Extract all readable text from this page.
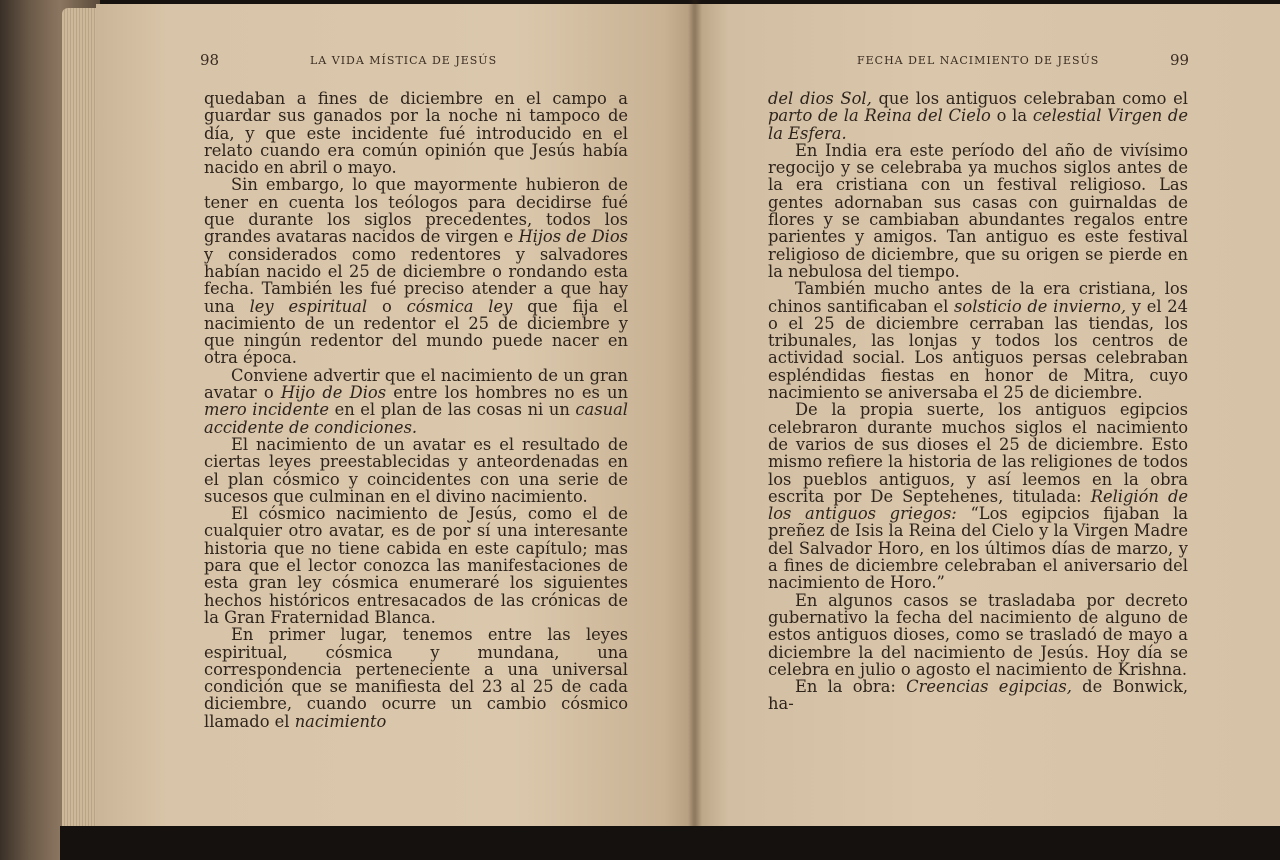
98	LA VIDA MÍSTICA DE JESÚS

quedaban a fines de diciembre en el campo a guardar sus ganados por la noche ni tampoco de día, y que este incidente fué introducido en el relato cuando era común opinión que Jesús había nacido en abril o mayo.

Sin embargo, lo que mayormente hubieron de tener en cuenta los teólogos para decidirse fué que durante los siglos precedentes, todos los grandes avataras nacidos de virgen e Hijos de Dios y considerados como redentores y salvadores habían nacido el 25 de diciembre o rondando esta fecha. También les fué preciso atender a que hay una ley espiritual o cósmica ley que fija el nacimiento de un redentor el 25 de diciembre y que ningún redentor del mundo puede nacer en otra época.

Conviene advertir que el nacimiento de un gran avatar o Hijo de Dios entre los hombres no es un mero incidente en el plan de las cosas ni un casual accidente de condiciones.

El nacimiento de un avatar es el resultado de ciertas leyes preestablecidas y anteordenadas en el plan cósmico y coincidentes con una serie de sucesos que culminan en el divino nacimiento.

El cósmico nacimiento de Jesús, como el de cualquier otro avatar, es de por sí una interesante historia que no tiene cabida en este capítulo; mas para que el lector conozca las manifestaciones de esta gran ley cósmica enumeraré los siguientes hechos históricos entresacados de las crónicas de la Gran Fraternidad Blanca.

En primer lugar, tenemos entre las leyes espiritual, cósmica y mundana, una correspondencia perteneciente a una universal condición que se manifiesta del 23 al 25 de cada diciembre, cuando ocurre un cambio cósmico llamado el nacimiento

FECHA DEL NACIMIENTO DE JESÚS	99

del dios Sol, que los antiguos celebraban como el parto de la Reina del Cielo o la celestial Virgen de la Esfera.

En India era este período del año de vivísimo regocijo y se celebraba ya muchos siglos antes de la era cristiana con un festival religioso. Las gentes adornaban sus casas con guirnaldas de flores y se cambiaban abundantes regalos entre parientes y amigos. Tan antiguo es este festival religioso de diciembre, que su origen se pierde en la nebulosa del tiempo.

También mucho antes de la era cristiana, los chinos santificaban el solsticio de invierno, y el 24 o el 25 de diciembre cerraban las tiendas, los tribunales, las lonjas y todos los centros de actividad social. Los antiguos persas celebraban espléndidas fiestas en honor de Mitra, cuyo nacimiento se aniversaba el 25 de diciembre.

De la propia suerte, los antiguos egipcios celebraron durante muchos siglos el nacimiento de varios de sus dioses el 25 de diciembre. Esto mismo refiere la historia de las religiones de todos los pueblos antiguos, y así leemos en la obra escrita por De Septehenes, titulada: Religión de los antiguos griegos: “Los egipcios fijaban la preñez de Isis la Reina del Cielo y la Virgen Madre del Salvador Horo, en los últimos días de marzo, y a fines de diciembre celebraban el aniversario del nacimiento de Horo.”

En algunos casos se trasladaba por decreto gubernativo la fecha del nacimiento de alguno de estos antiguos dioses, como se trasladó de mayo a diciembre la del nacimiento de Jesús. Hoy día se celebra en julio o agosto el nacimiento de Krishna.

En la obra: Creencias egipcias, de Bonwick, ha-
